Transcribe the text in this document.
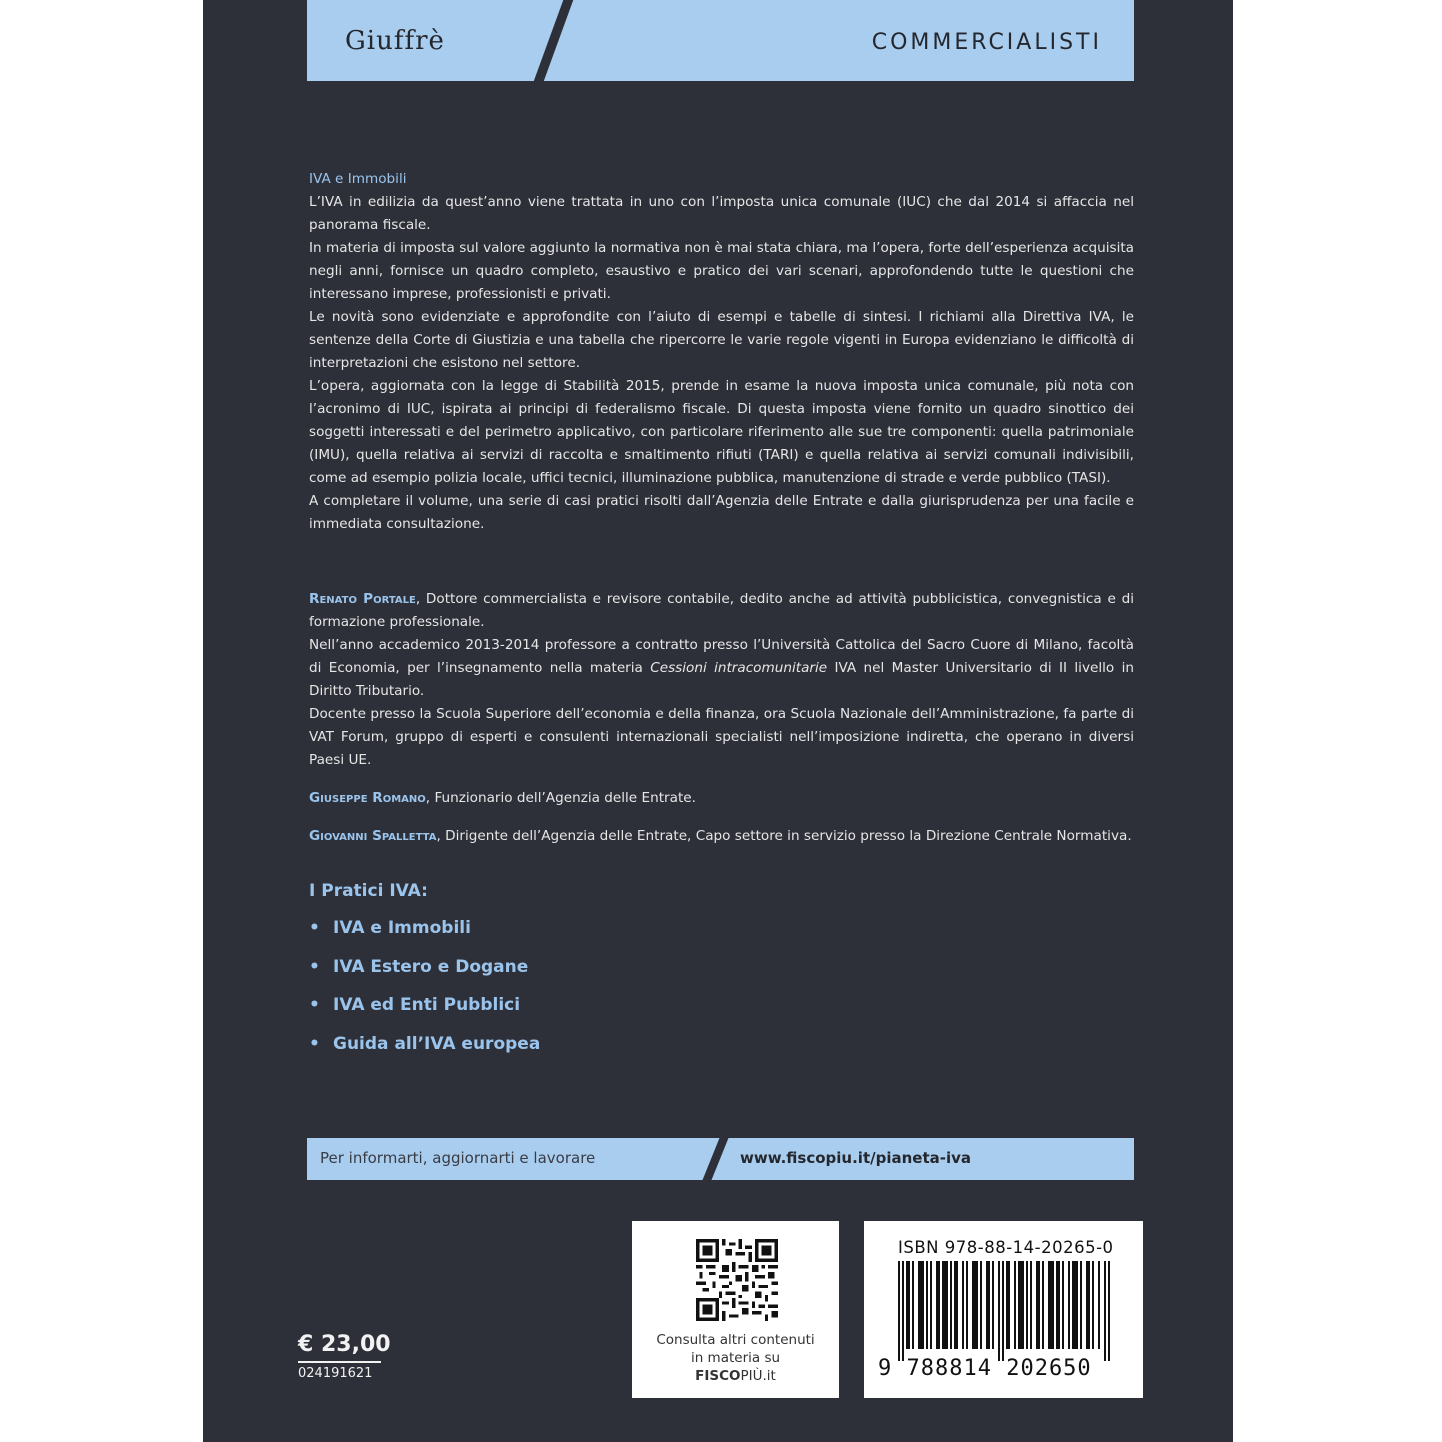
Giuffrè	COMMERCIALISTI
IVA e Immobili

L’IVA in edilizia da quest’anno viene trattata in uno con l’imposta unica comunale (IUC) che dal 2014 si affaccia nel panorama fiscale.

In materia di imposta sul valore aggiunto la normativa non è mai stata chiara, ma l’opera, forte dell’esperienza acquisita negli anni, fornisce un quadro completo, esaustivo e pratico dei vari scenari, approfondendo tutte le questioni che interessano imprese, professionisti e privati.

Le novità sono evidenziate e approfondite con l’aiuto di esempi e tabelle di sintesi. I richiami alla Direttiva IVA, le sentenze della Corte di Giustizia e una tabella che ripercorre le varie regole vigenti in Europa evidenziano le difficoltà di interpretazioni che esistono nel settore.

L’opera, aggiornata con la legge di Stabilità 2015, prende in esame la nuova imposta unica comunale, più nota con l’acronimo di IUC, ispirata ai principi di federalismo fiscale. Di questa imposta viene fornito un quadro sinottico dei soggetti interessati e del perimetro applicativo, con particolare riferimento alle sue tre componenti: quella patrimoniale (IMU), quella relativa ai servizi di raccolta e smaltimento rifiuti (TARI) e quella relativa ai servizi comunali indivisibili, come ad esempio polizia locale, uffici tecnici, illuminazione pubblica, manutenzione di strade e verde pubblico (TASI).

A completare il volume, una serie di casi pratici risolti dall’Agenzia delle Entrate e dalla giurisprudenza per una facile e immediata consultazione.

Renato Portale, Dottore commercialista e revisore contabile, dedito anche ad attività pubblicistica, convegnistica e di formazione professionale.

Nell’anno accademico 2013-2014 professore a contratto presso l’Università Cattolica del Sacro Cuore di Milano, facoltà di Economia, per l’insegnamento nella materia Cessioni intracomunitarie IVA nel Master Universitario di II livello in Diritto Tributario.

Docente presso la Scuola Superiore dell’economia e della finanza, ora Scuola Nazionale dell’Amministrazione, fa parte di VAT Forum, gruppo di esperti e consulenti internazionali specialisti nell’imposizione indiretta, che operano in diversi Paesi UE.

Giuseppe Romano, Funzionario dell’Agenzia delle Entrate.

Giovanni Spalletta, Dirigente dell’Agenzia delle Entrate, Capo settore in servizio presso la Direzione Centrale Normativa.

I Pratici IVA:
• IVA e Immobili
• IVA Estero e Dogane
• IVA ed Enti Pubblici
• Guida all’IVA europea
Per informarti, aggiornarti e lavorare	www.fiscopiu.it/pianeta-iva
Consulta altri contenuti
in materia su
FISCOPIÙ.it
ISBN 978-88-14-20265-0
9 788814 202650
€ 23,00
024191621
